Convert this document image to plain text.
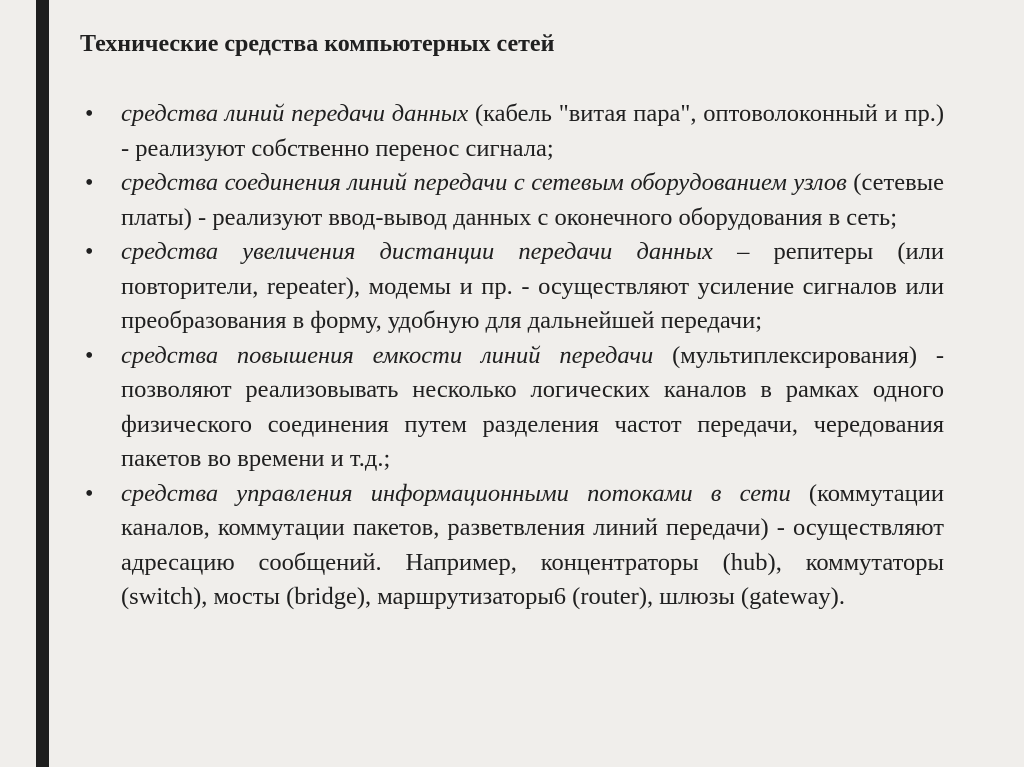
Технические средства компьютерных сетей
• средства линий передачи данных (кабель "витая пара", оптоволоконный и пр.) - реализуют собственно перенос сигнала;
• средства соединения линий передачи с сетевым оборудованием узлов (сетевые платы) - реализуют ввод-вывод данных с оконечного оборудования в сеть;
• средства увеличения дистанции передачи данных – репитеры (или повторители, repeater), модемы и пр. - осуществляют усиление сигналов или преобразования в форму, удобную для дальнейшей передачи;
• средства повышения емкости линий передачи (мультиплексирования) - позволяют реализовывать несколько логических каналов в рамках одного физического соединения путем разделения частот передачи, чередования пакетов во времени и т.д.;
• средства управления информационными потоками в сети (коммутации каналов, коммутации пакетов, разветвления линий передачи) - осуществляют адресацию сообщений. Например, концентраторы (hub), коммутаторы (switch), мосты (bridge), маршрутизаторы6 (router), шлюзы (gateway).
